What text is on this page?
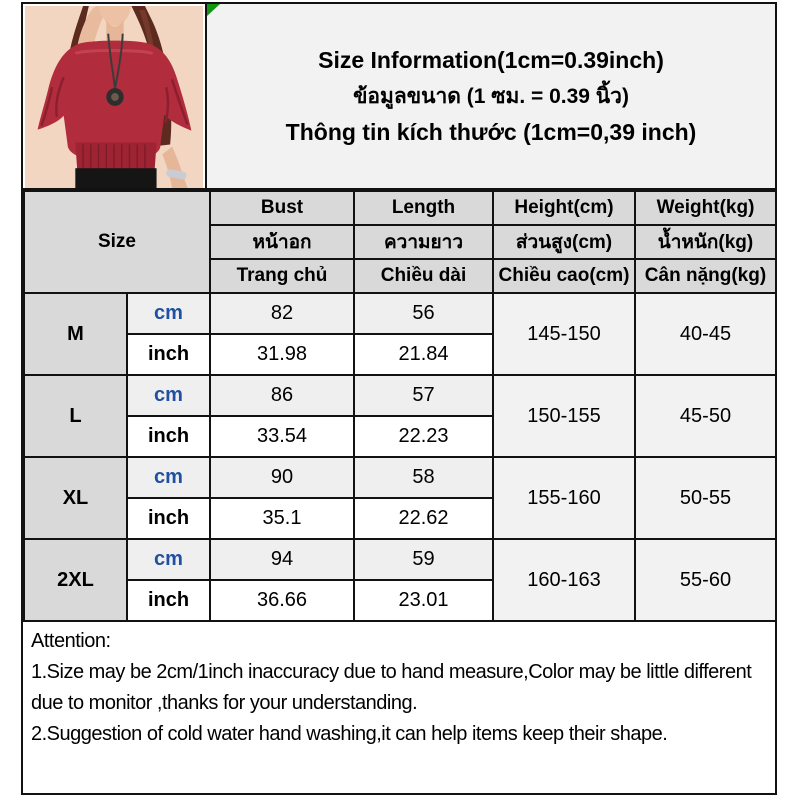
Size Information(1cm=0.39inch)
ข้อมูลขนาด (1 ซม. = 0.39 นิ้ว)
Thông tin kích thước (1cm=0,39 inch)
Size		Bust	Length	Height(cm)	Weight(kg)
		หน้าอก	ความยาว	ส่วนสูง(cm)	น้ำหนัก(kg)
		Trang chủ	Chiều dài	Chiều cao(cm)	Cân nặng(kg)
M	cm	82	56	145-150	40-45
	inch	31.98	21.84		
L	cm	86	57	150-155	45-50
	inch	33.54	22.23		
XL	cm	90	58	155-160	50-55
	inch	35.1	22.62		
2XL	cm	94	59	160-163	55-60
	inch	36.66	23.01		
Attention:
1.Size may be 2cm/1inch inaccuracy due to hand measure,Color may be little different due to monitor ,thanks for your understanding.
2.Suggestion of cold water hand washing,it can help items keep their shape.
